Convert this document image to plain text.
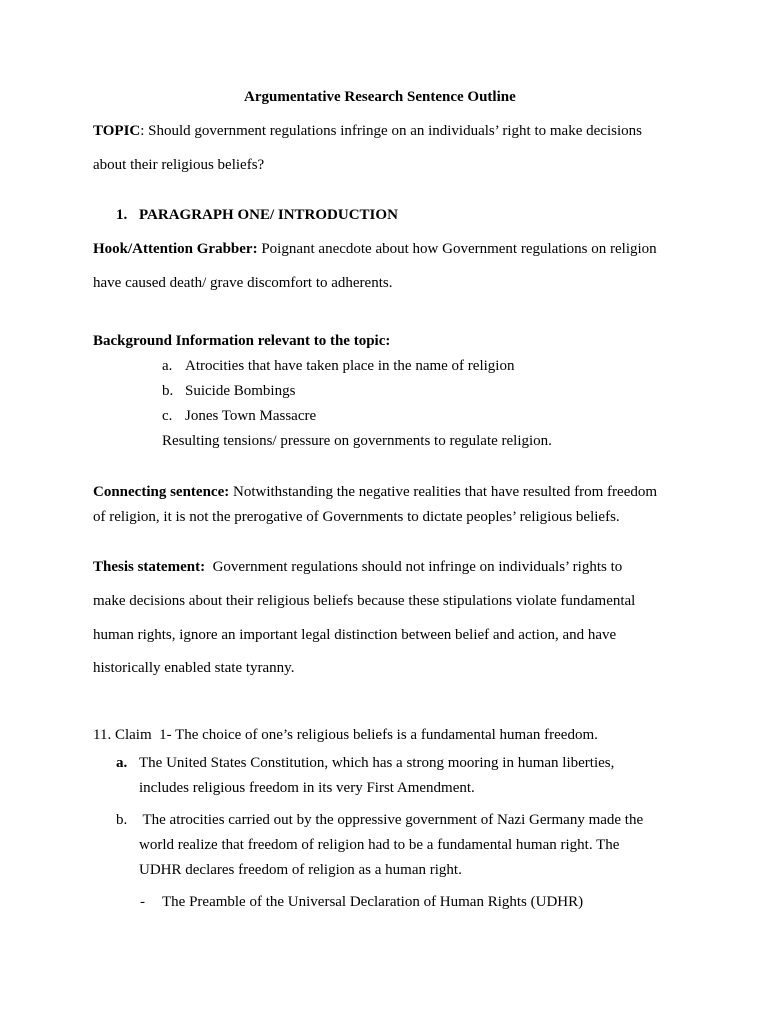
Argumentative Research Sentence Outline
TOPIC: Should government regulations infringe on an individuals’ right to make decisions
about their religious beliefs?
1. PARAGRAPH ONE/ INTRODUCTION
Hook/Attention Grabber: Poignant anecdote about how Government regulations on religion
have caused death/ grave discomfort to adherents.
Background Information relevant to the topic:
a. Atrocities that have taken place in the name of religion
b. Suicide Bombings
c. Jones Town Massacre
Resulting tensions/ pressure on governments to regulate religion.
Connecting sentence: Notwithstanding the negative realities that have resulted from freedom
of religion, it is not the prerogative of Governments to dictate peoples’ religious beliefs.
Thesis statement:  Government regulations should not infringe on individuals’ rights to
make decisions about their religious beliefs because these stipulations violate fundamental
human rights, ignore an important legal distinction between belief and action, and have
historically enabled state tyranny.
11. Claim  1- The choice of one’s religious beliefs is a fundamental human freedom.
a. The United States Constitution, which has a strong mooring in human liberties,
includes religious freedom in its very First Amendment.
b. The atrocities carried out by the oppressive government of Nazi Germany made the
world realize that freedom of religion had to be a fundamental human right. The
UDHR declares freedom of religion as a human right.
- The Preamble of the Universal Declaration of Human Rights (UDHR)
